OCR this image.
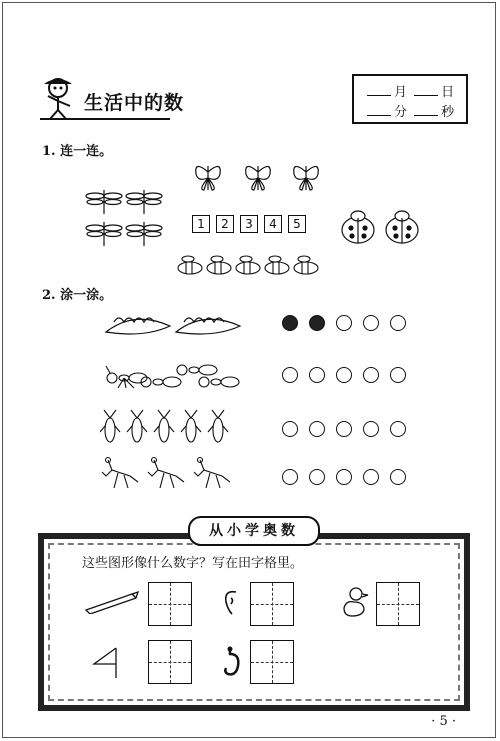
生活中的数	月	日
分	秒
1. 连一连。
1 2 3 4 5
2. 涂一涂。
从小学奥数
这些图形像什么数字？写在田字格里。
· 5 ·
